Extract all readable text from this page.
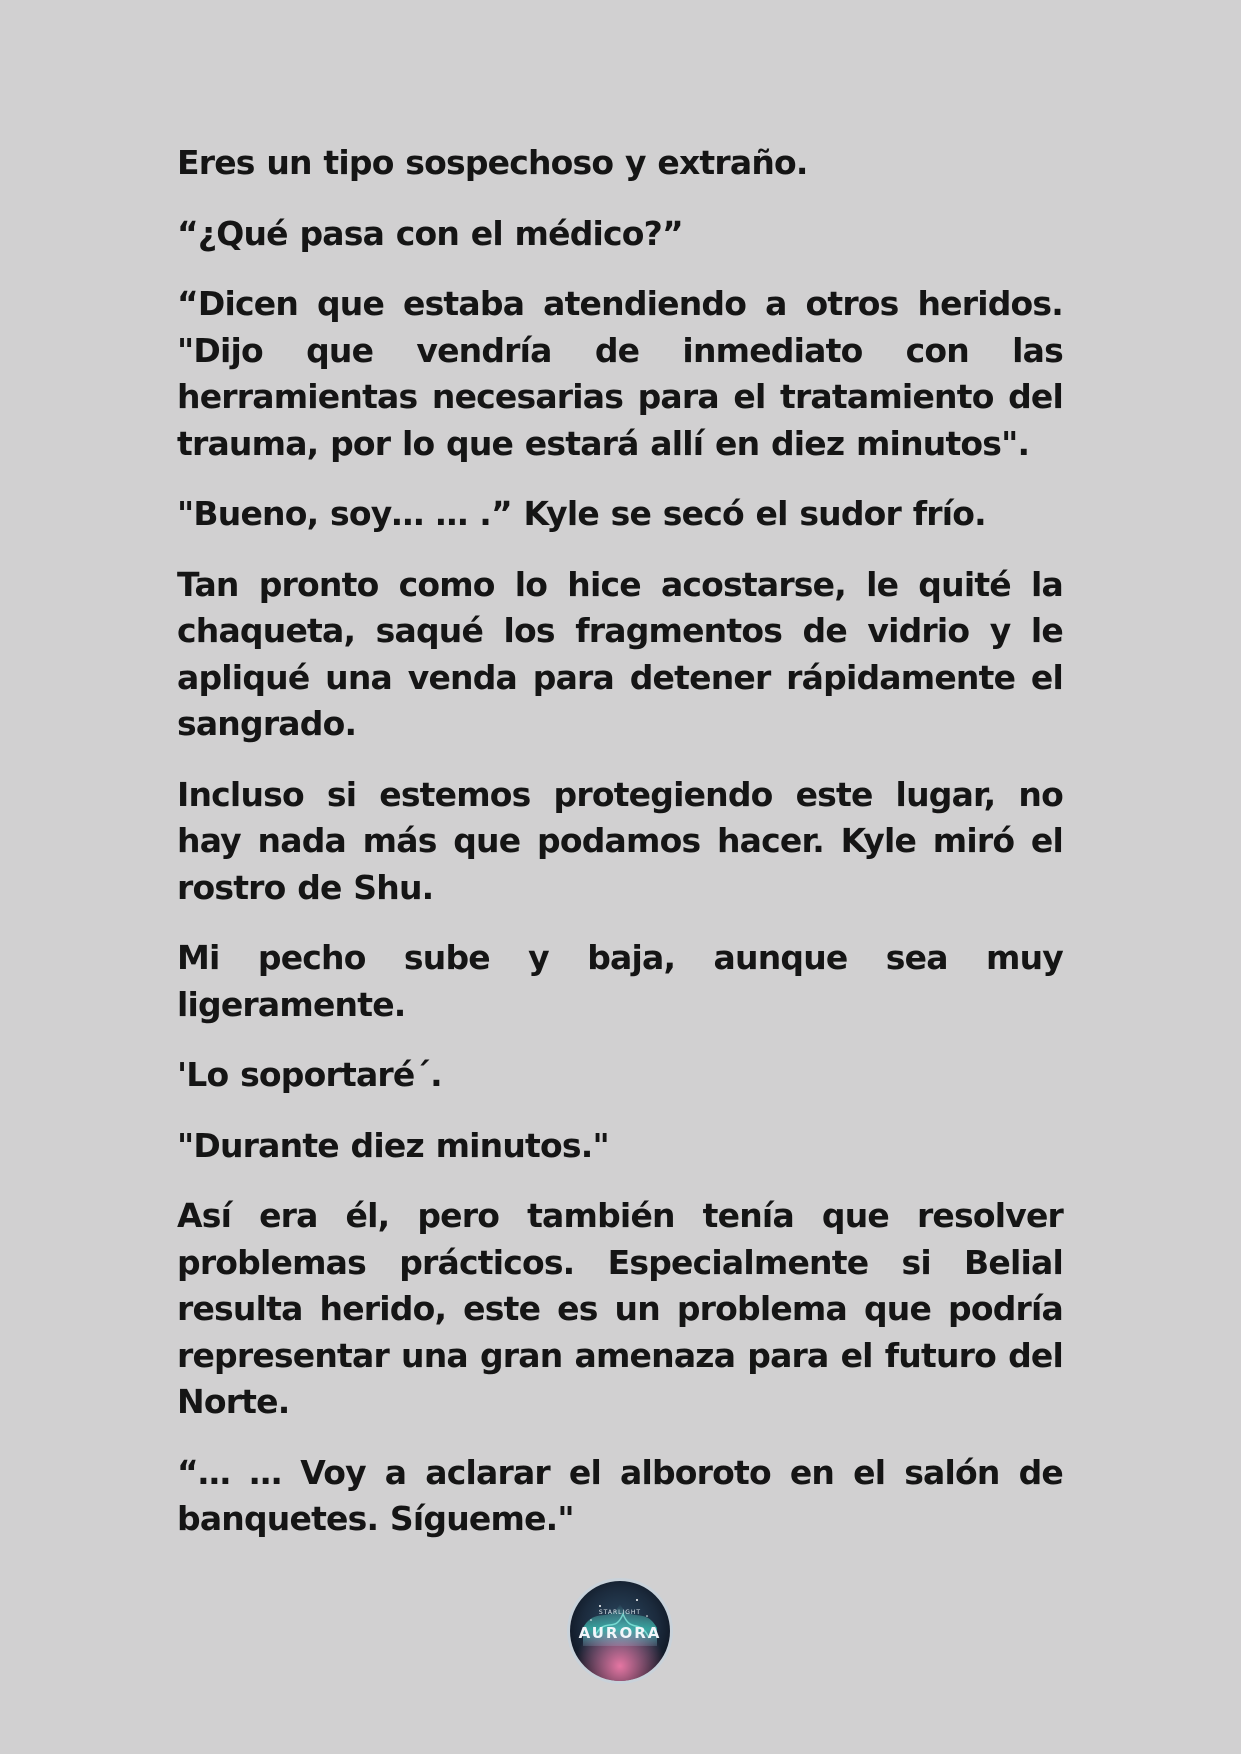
Eres un tipo sospechoso y extraño.

“¿Qué pasa con el médico?”

“Dicen que estaba atendiendo a otros heridos. "Dijo que vendría de inmediato con las herramientas necesarias para el tratamiento del trauma, por lo que estará allí en diez minutos".

"Bueno, soy… … .” Kyle se secó el sudor frío.

Tan pronto como lo hice acostarse, le quité la chaqueta, saqué los fragmentos de vidrio y le apliqué una venda para detener rápidamente el sangrado.

Incluso si estemos protegiendo este lugar, no hay nada más que podamos hacer. Kyle miró el rostro de Shu.

Mi pecho sube y baja, aunque sea muy ligeramente.

'Lo soportaré´.

"Durante diez minutos."

Así era él, pero también tenía que resolver problemas prácticos. Especialmente si Belial resulta herido, este es un problema que podría representar una gran amenaza para el futuro del Norte.

“… … Voy a aclarar el alboroto en el salón de banquetes. Sígueme."

STARLIGHT
AURORA
